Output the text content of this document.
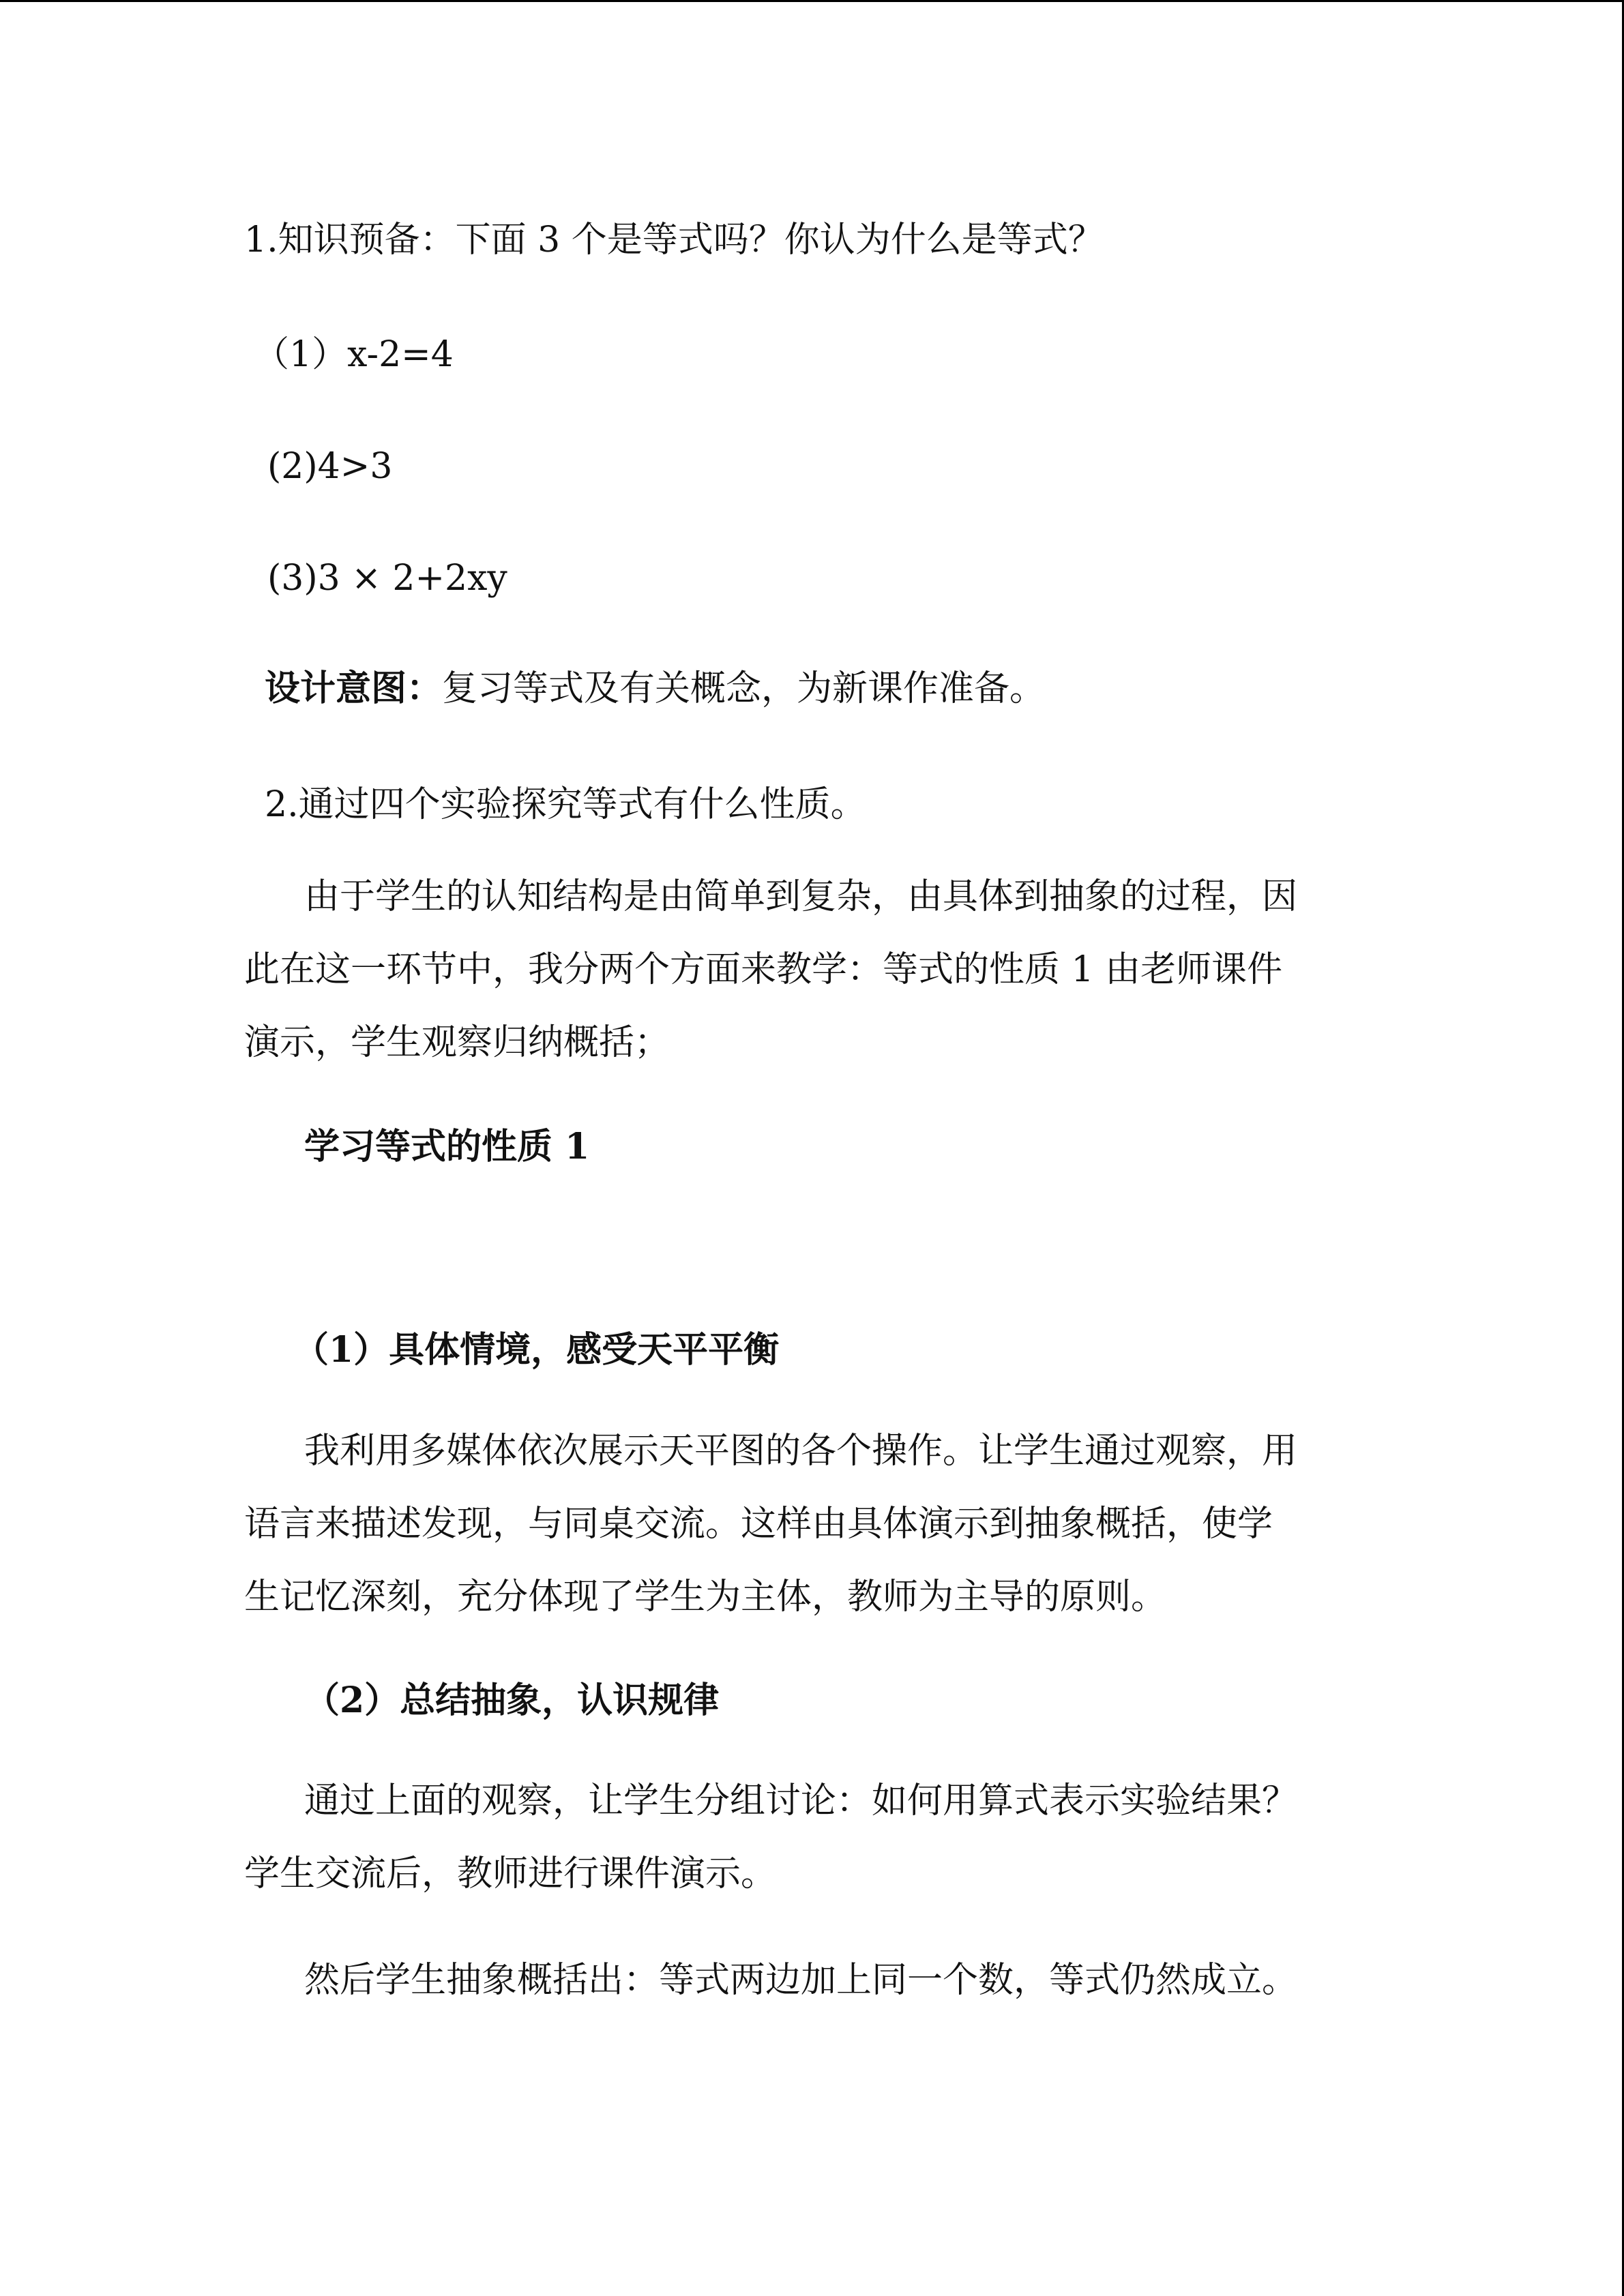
1.知识预备：下面 3 个是等式吗？你认为什么是等式？
（1）x-2=4
(2)4>3
(3)3 × 2+2xy
设计意图：复习等式及有关概念，为新课作准备。
2.通过四个实验探究等式有什么性质。
由于学生的认知结构是由简单到复杂，由具体到抽象的过程，因
此在这一环节中，我分两个方面来教学：等式的性质 1 由老师课件
演示，学生观察归纳概括；
学习等式的性质 1
（1）具体情境，感受天平平衡
我利用多媒体依次展示天平图的各个操作。让学生通过观察，用
语言来描述发现，与同桌交流。这样由具体演示到抽象概括，使学
生记忆深刻，充分体现了学生为主体，教师为主导的原则。
（2）总结抽象，认识规律
通过上面的观察，让学生分组讨论：如何用算式表示实验结果？
学生交流后，教师进行课件演示。
然后学生抽象概括出：等式两边加上同一个数，等式仍然成立。
